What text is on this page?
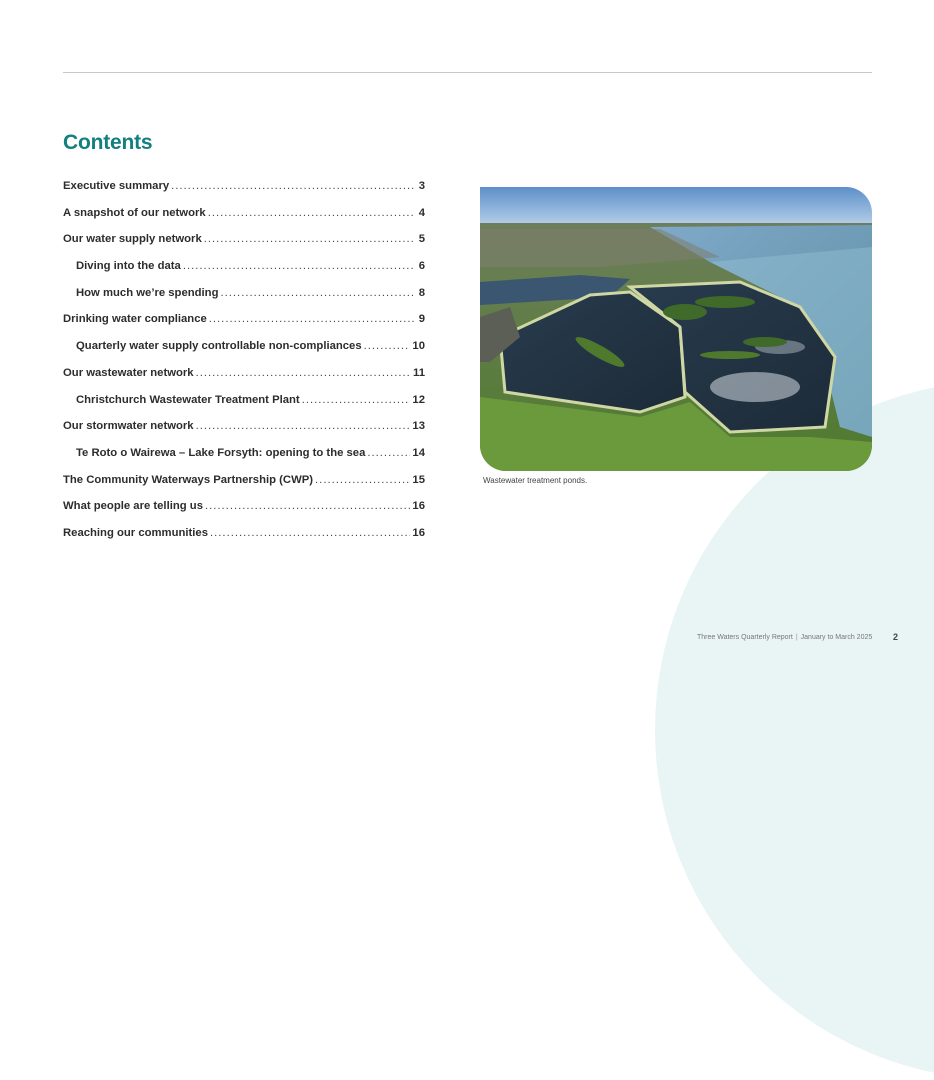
Contents
Executive summary .....	3
A snapshot of our network .....	4
Our water supply network .....	5
Diving into the data .....	6
How much we’re spending .....	8
Drinking water compliance .....	9
Quarterly water supply controllable non-compliances .....	10
Our wastewater network .....	11
Christchurch Wastewater Treatment Plant .....	12
Our stormwater network .....	13
Te Roto o Wairewa – Lake Forsyth: opening to the sea .....	14
The Community Waterways Partnership (CWP) .....	15
What people are telling us .....	16
Reaching our communities .....	16
Wastewater treatment ponds.
Three Waters Quarterly Report | January to March 2025 2
